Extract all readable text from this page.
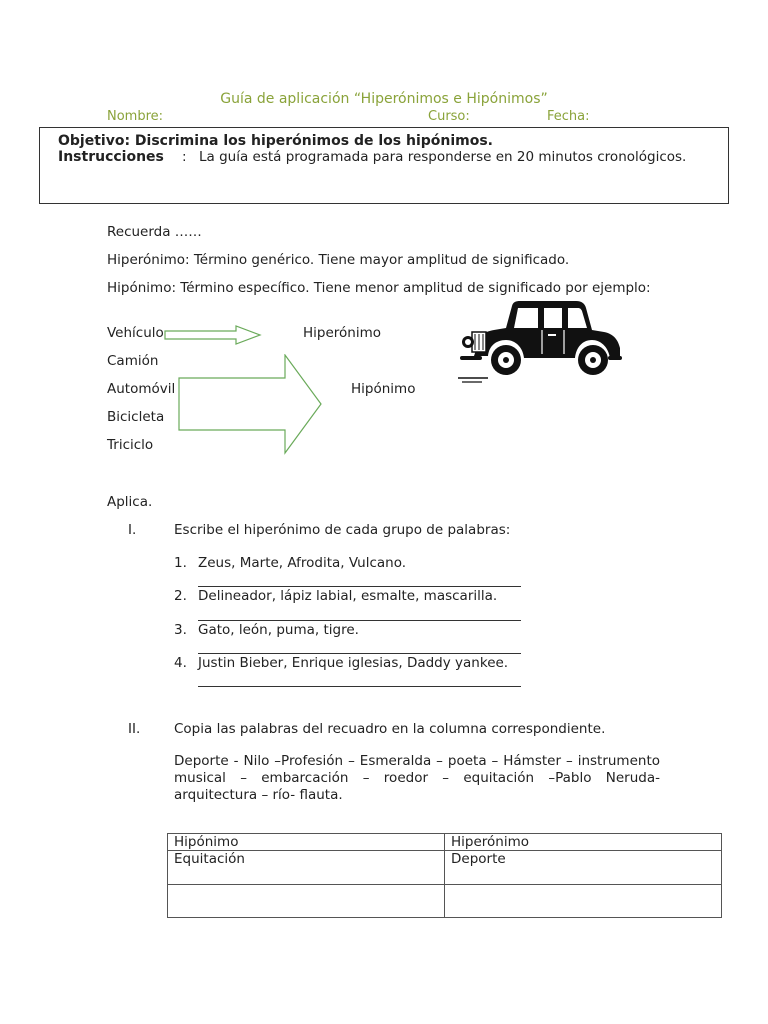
Guía de aplicación “Hiperónimos e Hipónimos”
Nombre:	Curso:	Fecha:
Objetivo: Discrimina los hiperónimos de los hipónimos.
Instrucciones : La guía está programada para responderse en 20 minutos cronológicos.
Recuerda ……
Hiperónimo: Término genérico. Tiene mayor amplitud de significado.
Hipónimo: Término específico. Tiene menor amplitud de significado por ejemplo:
Vehículo
Camión
Automóvil
Bicicleta
Triciclo
Hiperónimo
Hipónimo
Aplica.
I.	Escribe el hiperónimo de cada grupo de palabras:
1. Zeus, Marte, Afrodita, Vulcano.
2. Delineador, lápiz labial, esmalte, mascarilla.
3. Gato, león, puma, tigre.
4. Justin Bieber, Enrique iglesias, Daddy yankee.
II. Copia las palabras del recuadro en la columna correspondiente.
Deporte - Nilo –Profesión – Esmeralda – poeta – Hámster – instrumento musical – embarcación – roedor – equitación –Pablo Neruda- arquitectura – río- flauta.
Hipónimo	Hiperónimo
Equitación	Deporte
